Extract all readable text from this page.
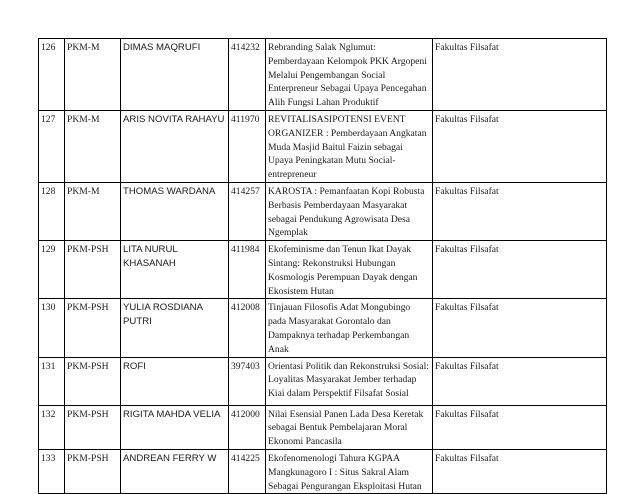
126	PKM-M	DIMAS MAQRUFI	414232	Rebranding Salak Nglumut: Pemberdayaan Kelompok PKK Argopeni Melalui Pengembangan Social Enterpreneur Sebagai Upaya Pencegahan Alih Fungsi Lahan Produktif	Fakultas Filsafat
127	PKM-M	ARIS NOVITA RAHAYU	411970	REVITALISASIPOTENSI EVENT ORGANIZER : Pemberdayaan Angkatan Muda Masjid Baitul Faizin sebagai Upaya Peningkatan Mutu Social-entrepreneur	Fakultas Filsafat
128	PKM-M	THOMAS WARDANA	414257	KAROSTA : Pemanfaatan Kopi Robusta Berbasis Pemberdayaan Masyarakat sebagai Pendukung Agrowisata Desa Ngemplak	Fakultas Filsafat
129	PKM-PSH	LITA NURUL KHASANAH	411984	Ekofeminisme dan Tenun Ikat Dayak Sintang: Rekonstruksi Hubungan Kosmologis Perempuan Dayak dengan Ekosistem Hutan	Fakultas Filsafat
130	PKM-PSH	YULIA ROSDIANA PUTRI	412008	Tinjauan Filosofis Adat Mongubingo pada Masyarakat Gorontalo dan Dampaknya terhadap Perkembangan Anak	Fakultas Filsafat
131	PKM-PSH	ROFI	397403	Orientasi Politik dan Rekonstruksi Sosial: Loyalitas Masyarakat Jember terhadap Kiai dalam Perspektif Filsafat Sosial	Fakultas Filsafat
132	PKM-PSH	RIGITA MAHDA VELIA	412000	Nilai Esensial Panen Lada Desa Keretak sebagai Bentuk Pembelajaran Moral Ekonomi Pancasila	Fakultas Filsafat
133	PKM-PSH	ANDREAN FERRY W	414225	Ekofenomenologi Tahura KGPAA Mangkunagoro I : Situs Sakral Alam Sebagai Pengurangan Eksploitasi Hutan	Fakultas Filsafat
